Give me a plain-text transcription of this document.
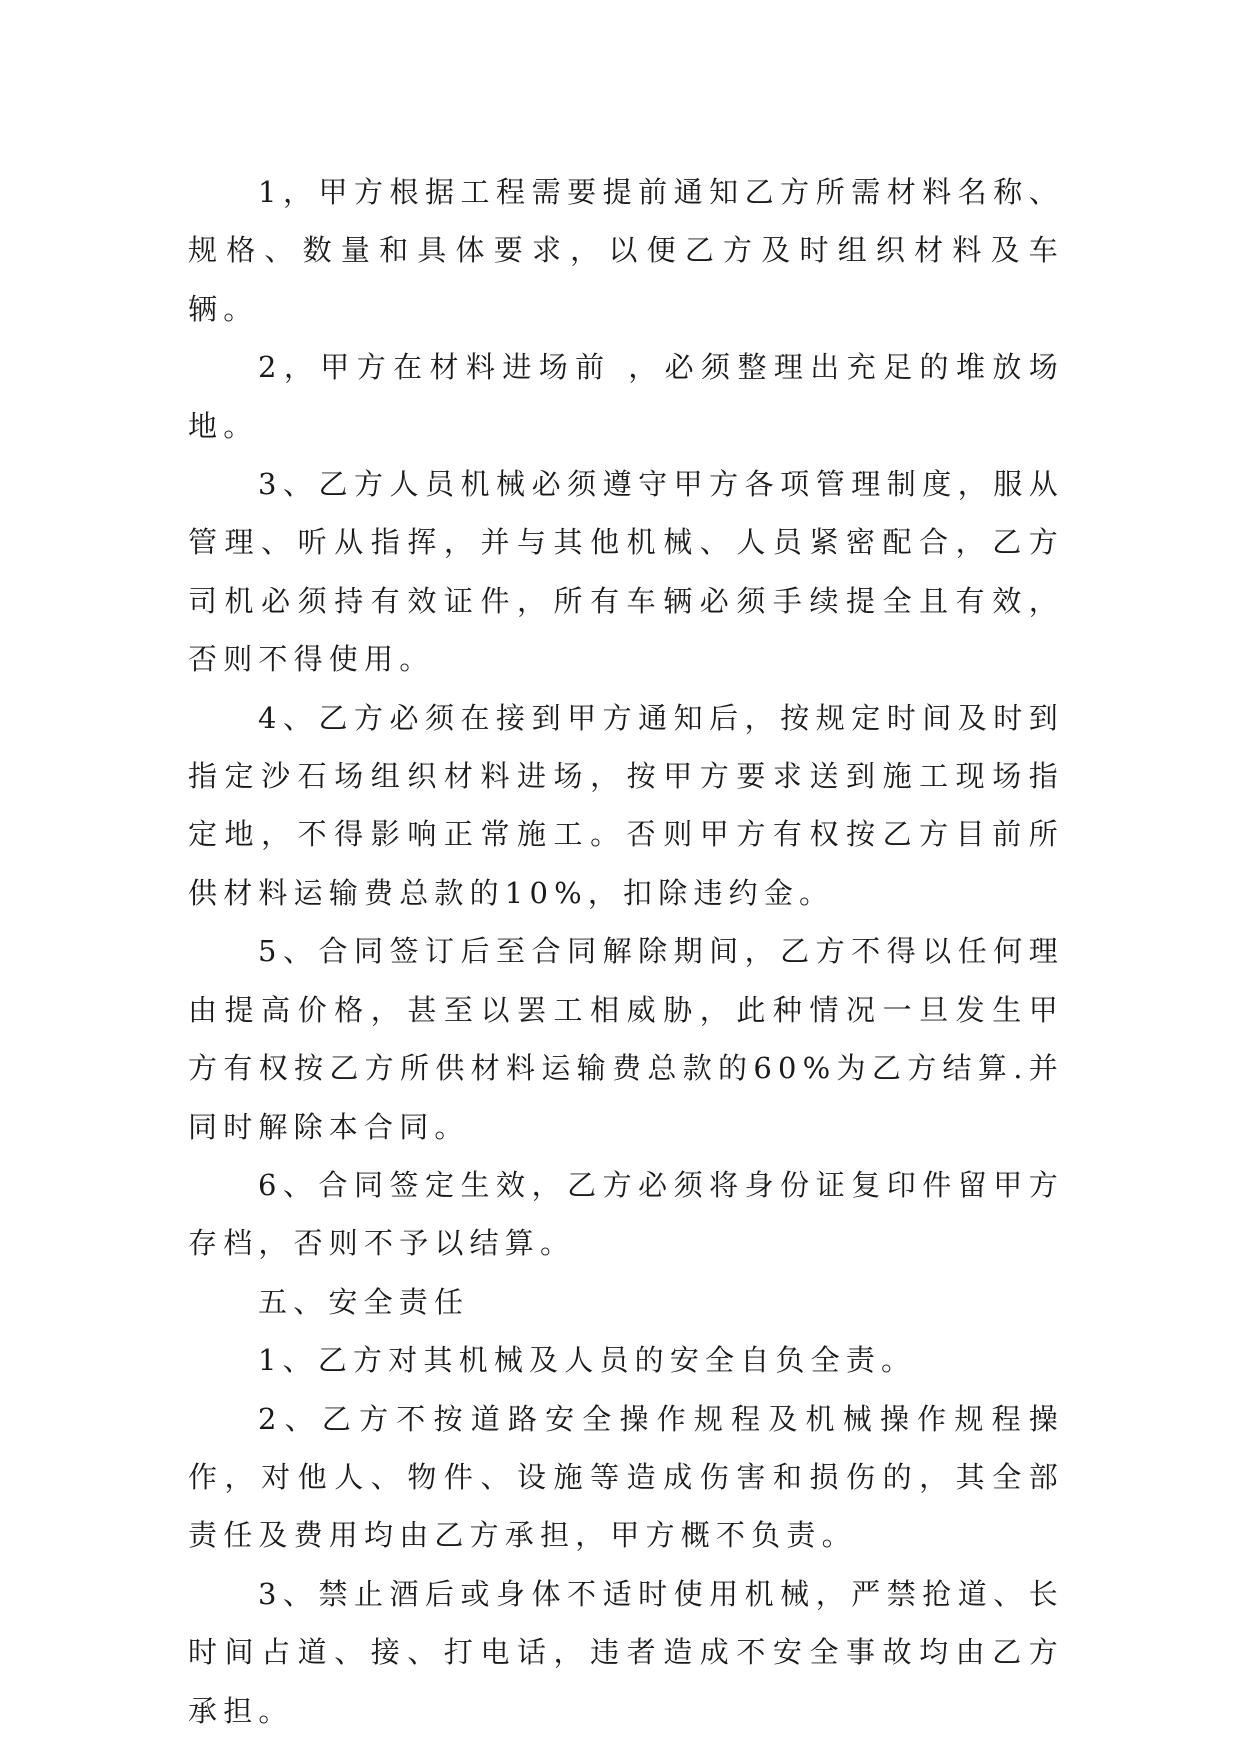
1，甲方根据工程需要提前通知乙方所需材料名称、规格、数量和具体要求，以便乙方及时组织材料及车辆。

2，甲方在材料进场前 ，必须整理出充足的堆放场地。

3、乙方人员机械必须遵守甲方各项管理制度，服从管理、听从指挥，并与其他机械、人员紧密配合，乙方司机必须持有效证件，所有车辆必须手续提全且有效，否则不得使用。

4、乙方必须在接到甲方通知后，按规定时间及时到指定沙石场组织材料进场，按甲方要求送到施工现场指定地，不得影响正常施工。否则甲方有权按乙方目前所供材料运输费总款的10%，扣除违约金。

5、合同签订后至合同解除期间，乙方不得以任何理由提高价格，甚至以罢工相威胁，此种情况一旦发生甲方有权按乙方所供材料运输费总款的60%为乙方结算.并同时解除本合同。

6、合同签定生效，乙方必须将身份证复印件留甲方存档，否则不予以结算。

五、安全责任

1、乙方对其机械及人员的安全自负全责。

2、乙方不按道路安全操作规程及机械操作规程操作，对他人、物件、设施等造成伤害和损伤的，其全部责任及费用均由乙方承担，甲方概不负责。

3、禁止酒后或身体不适时使用机械，严禁抢道、长时间占道、接、打电话，违者造成不安全事故均由乙方承担。
